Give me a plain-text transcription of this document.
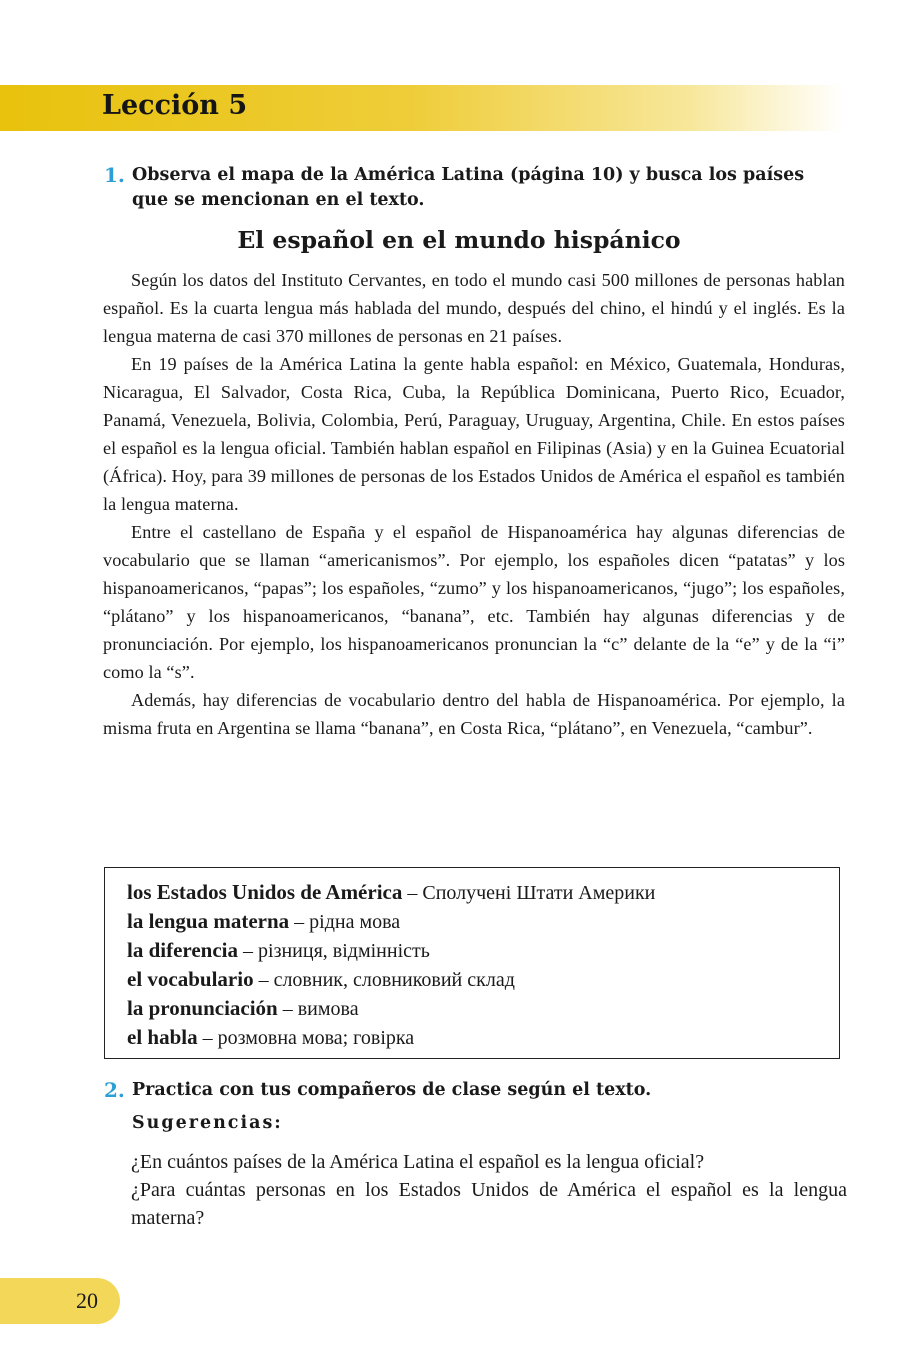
Lección 5
1. Observa el mapa de la América Latina (página 10) y busca los países que se mencionan en el texto.
El español en el mundo hispánico

Según los datos del Instituto Cervantes, en todo el mundo casi 500 millones de personas hablan español. Es la cuarta lengua más hablada del mundo, después del chino, el hindú y el inglés. Es la lengua materna de casi 370 millones de personas en 21 países.

En 19 países de la América Latina la gente habla español: en México, Guatemala, Honduras, Nicaragua, El Salvador, Costa Rica, Cuba, la República Dominicana, Puerto Rico, Ecuador, Panamá, Venezuela, Bolivia, Colombia, Perú, Paraguay, Uruguay, Argentina, Chile. En estos países el español es la lengua oficial. También hablan español en Filipinas (Asia) y en la Guinea Ecuatorial (África). Hoy, para 39 millones de personas de los Estados Unidos de América el español es también la lengua materna.

Entre el castellano de España y el español de Hispanoamérica hay algunas diferencias de vocabulario que se llaman “americanismos”. Por ejemplo, los españoles dicen “patatas” y los hispanoamericanos, “papas”; los españoles, “zumo” y los hispanoamericanos, “jugo”; los españoles, “plátano” y los hispanoamericanos, “banana”, etc. También hay algunas diferencias y de pronunciación. Por ejemplo, los hispanoamericanos pronuncian la “c” delante de la “e” y de la “i” como la “s”.

Además, hay diferencias de vocabulario dentro del habla de Hispanoamérica. Por ejemplo, la misma fruta en Argentina se llama “banana”, en Costa Rica, “plátano”, en Venezuela, “cambur”.

los Estados Unidos de América – Сполучені Штати Америки
la lengua materna – рідна мова
la diferencia – різниця, відмінність
el vocabulario – словник, словниковий склад
la pronunciación – вимова
el habla – розмовна мова; говірка
2. Practica con tus compañeros de clase según el texto.
Sugerencias:
¿En cuántos países de la América Latina el español es la lengua oficial?
¿Para cuántas personas en los Estados Unidos de América el español es la lengua materna?
20
